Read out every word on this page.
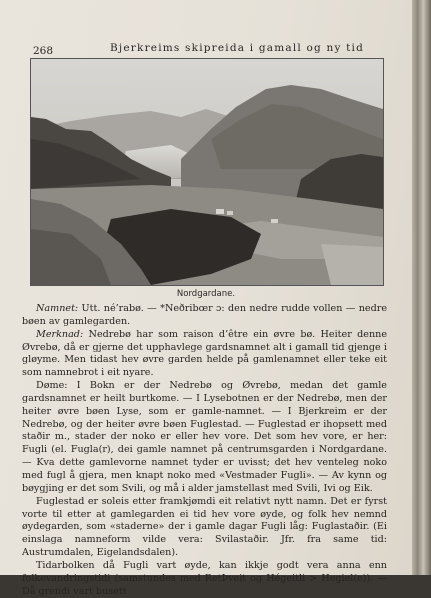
268	Bjerkreims skipreida i gamall og ny tid
Nordgardane.

Namnet: Utt. né’rabø. — *Neðribœr ɔ: den nedre rudde vollen — nedre bøen av gamlegarden.

Merknad: Nedrebø har som raison d’être ein øvre bø. Heiter denne Øvrebø, då er gjerne det upphavlege gardsnamnet alt i gamall tid gjenge i gløyme. Men tidast hev øvre garden helde på gamlenamnet eller teke eit som namnebrot i eit nyare.

Døme: I Bokn er der Nedrebø og Øvrebø, medan det gamle gardsnamnet er heilt burtkome. — I Lysebotnen er der Nedrebø, men der heiter øvre bøen Lyse, som er gamle-namnet. — I Bjerkreim er der Nedrebø, og der heiter øvre bøen Fuglestad. — Fuglestad er ihopsett med staðir m., stader der noko er eller hev vore. Det som hev vore, er her: Fugli (el. Fugla(r), dei gamle namnet på centrumsgarden i Nordgardane. — Kva dette gamlevorne namnet tyder er uvisst; det hev venteleg noko med fugl å gjera, men knapt noko med «Vestmader Fugli». — Av kynn og bøygjing er det som Svili, og må i alder jamstellast med Svili, Ivi og Eik.

Fuglestad er soleis etter framkjømdi eit relativt nytt namn. Det er fyrst vorte til etter at gamlegarden ei tid hev vore øyde, og folk hev nemnd øydegarden, som «staderne» der i gamle dagar Fugli låg: Fuglastaðir. (Ei einslaga namneform vilde vera: Svilastaðir. Jfr. fra same tid: Austrumdalen, Eigelandsdalen).

Tidarbolken då Fugli vart øyde, kan ikkje godt vera anna enn folkevandringstidi (samstundes med RetÞveit og Hégeitli > Hegiel(e)). — Då grendi vart busett
